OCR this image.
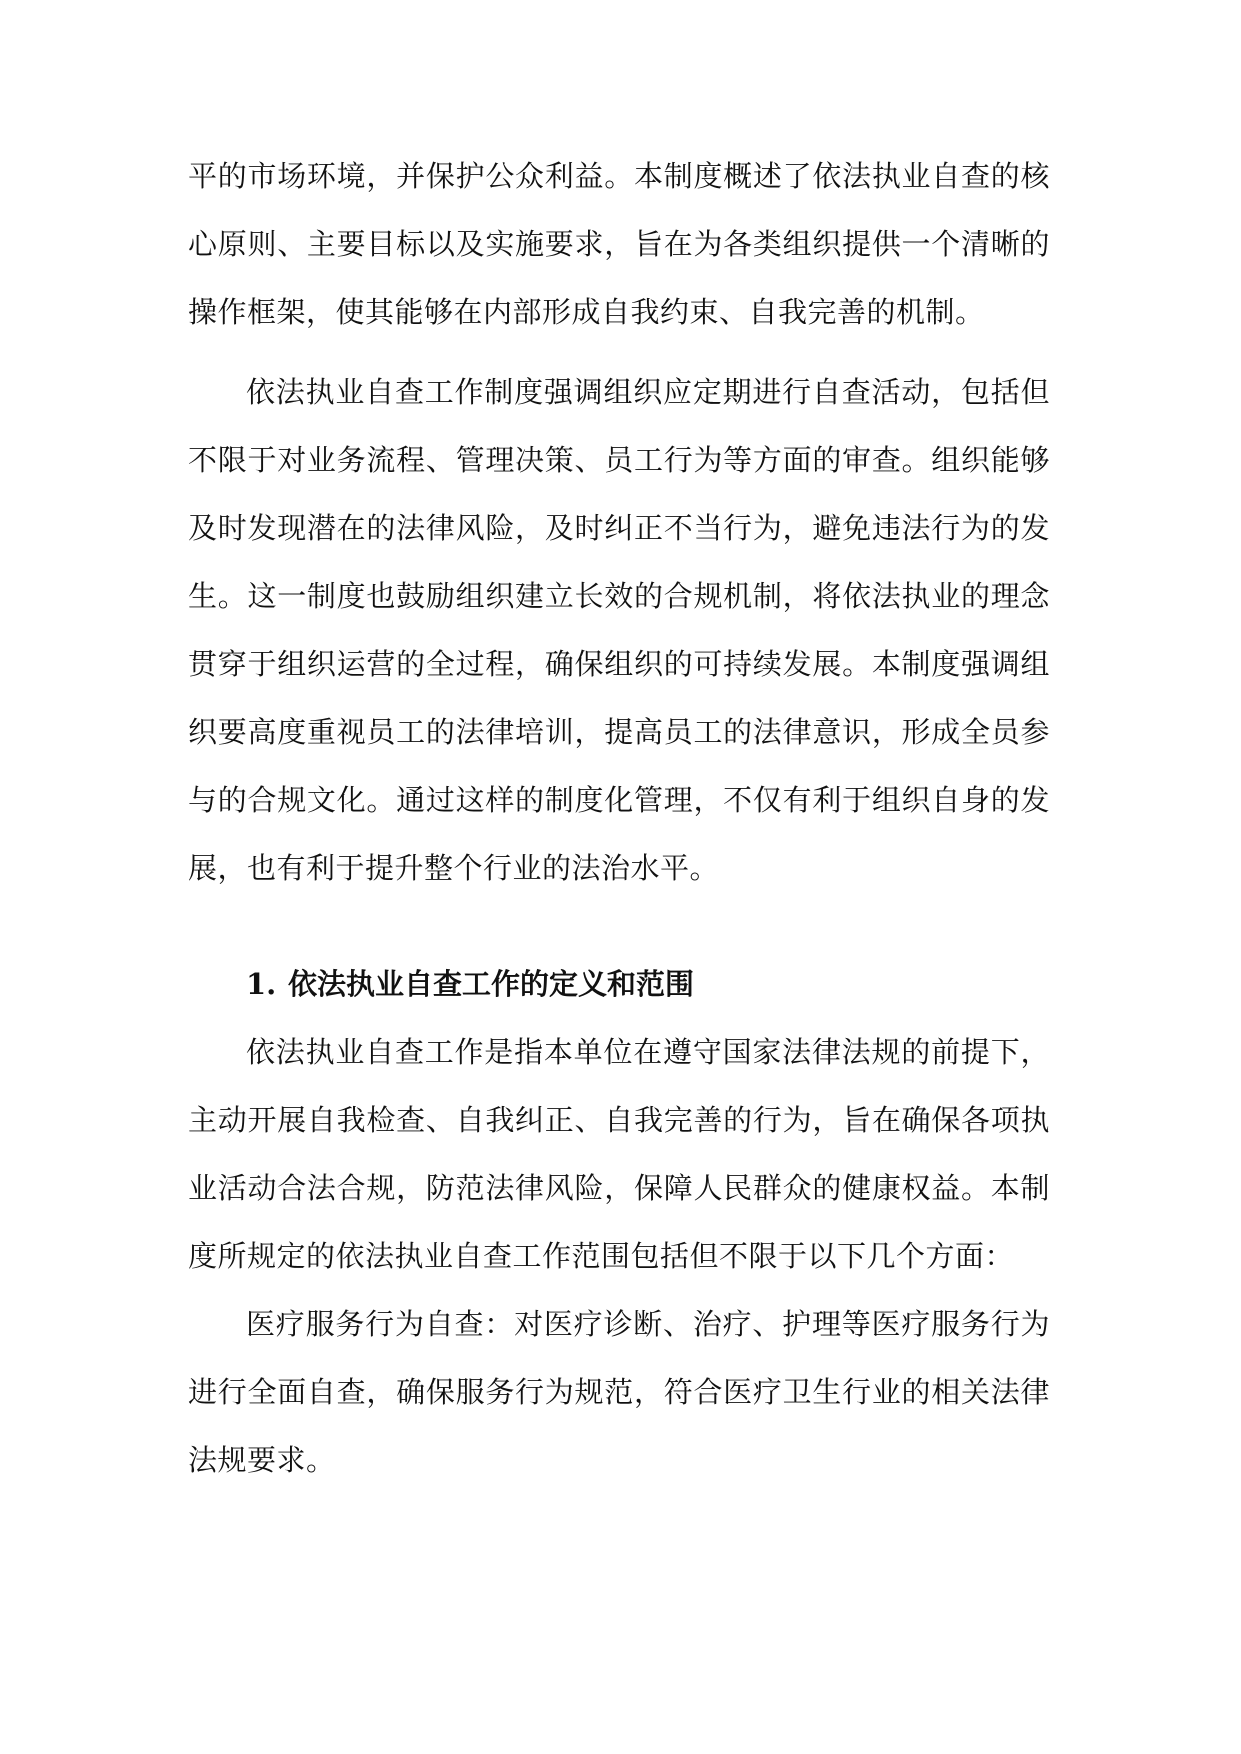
平的市场环境，并保护公众利益。本制度概述了依法执业自查的核心原则、主要目标以及实施要求，旨在为各类组织提供一个清晰的操作框架，使其能够在内部形成自我约束、自我完善的机制。

依法执业自查工作制度强调组织应定期进行自查活动，包括但不限于对业务流程、管理决策、员工行为等方面的审查。组织能够及时发现潜在的法律风险，及时纠正不当行为，避免违法行为的发生。这一制度也鼓励组织建立长效的合规机制，将依法执业的理念贯穿于组织运营的全过程，确保组织的可持续发展。本制度强调组织要高度重视员工的法律培训，提高员工的法律意识，形成全员参与的合规文化。通过这样的制度化管理，不仅有利于组织自身的发展，也有利于提升整个行业的法治水平。

1. 依法执业自查工作的定义和范围

依法执业自查工作是指本单位在遵守国家法律法规的前提下，主动开展自我检查、自我纠正、自我完善的行为，旨在确保各项执业活动合法合规，防范法律风险，保障人民群众的健康权益。本制度所规定的依法执业自查工作范围包括但不限于以下几个方面：

医疗服务行为自查：对医疗诊断、治疗、护理等医疗服务行为进行全面自查，确保服务行为规范，符合医疗卫生行业的相关法律法规要求。
